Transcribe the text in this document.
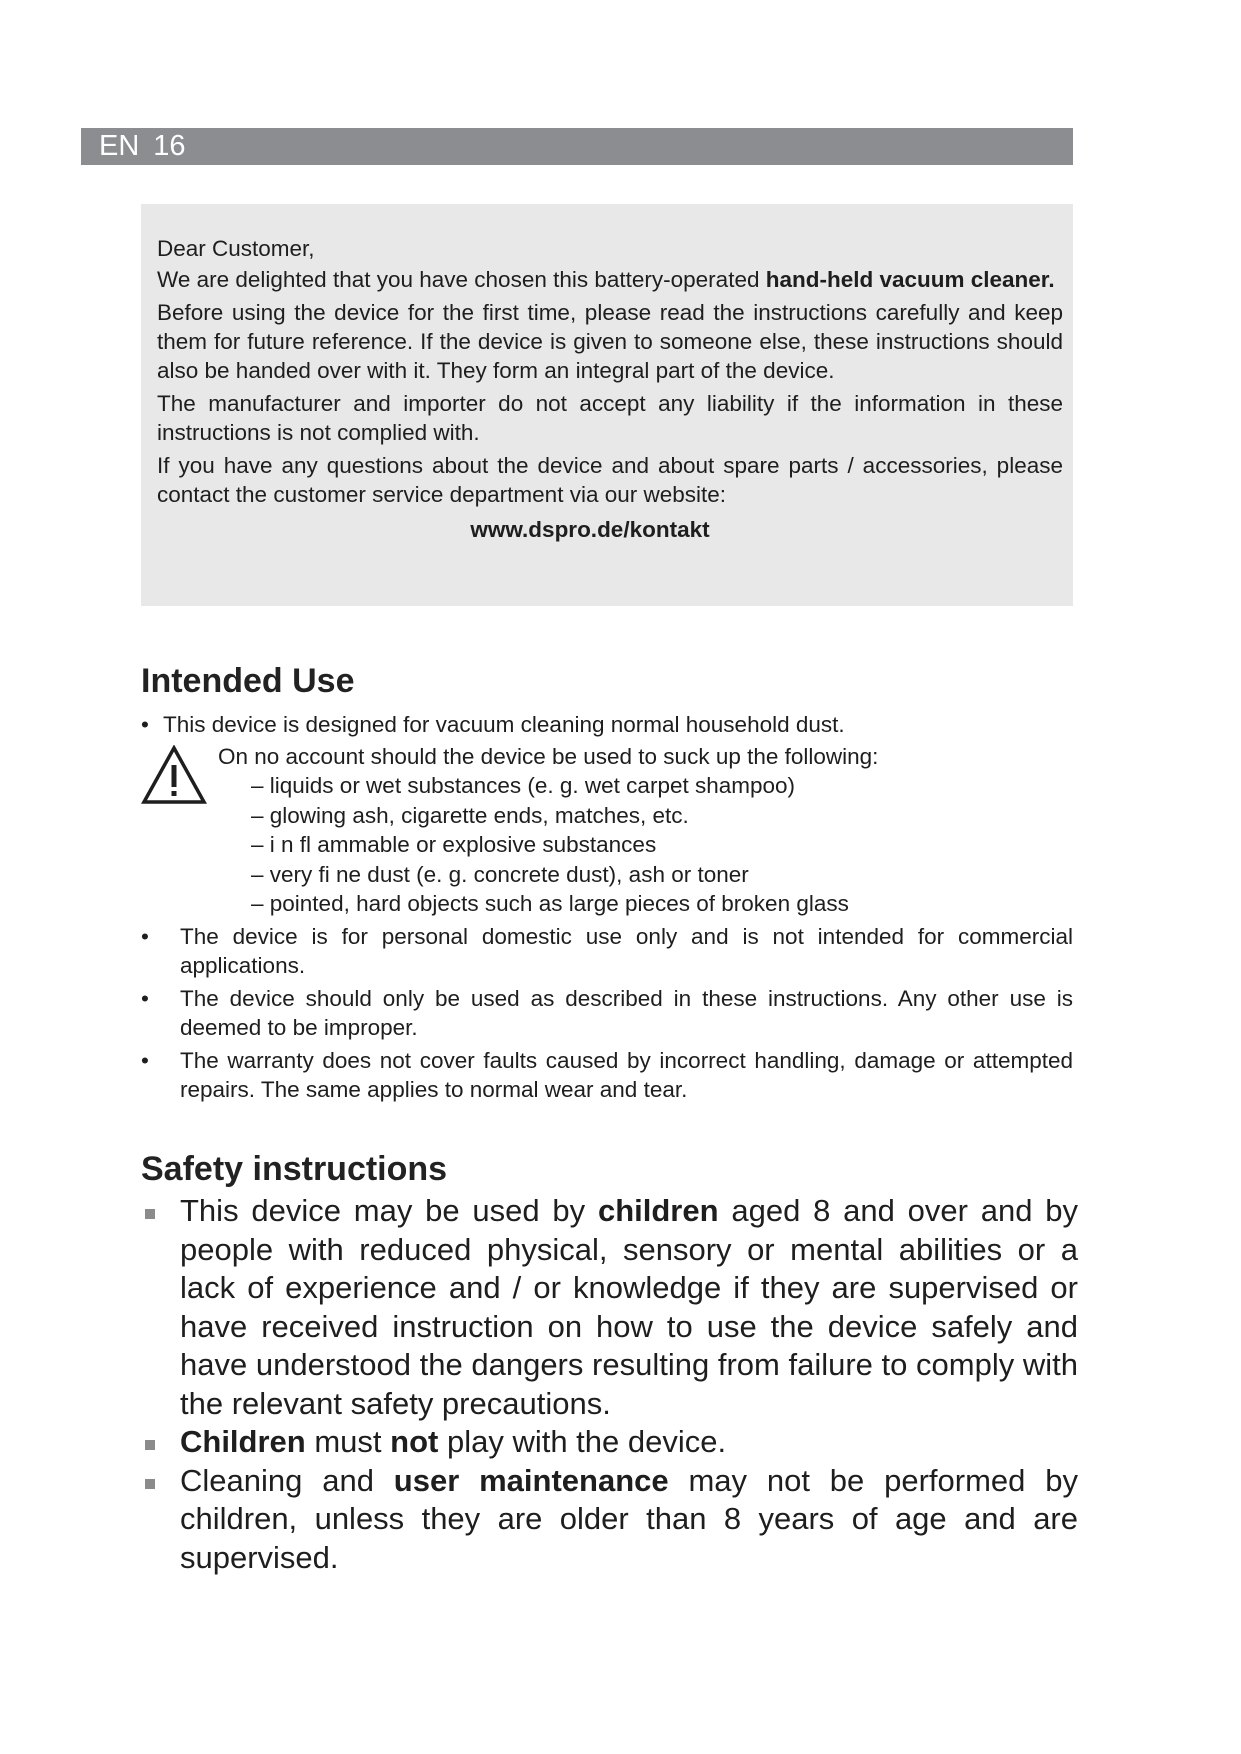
EN 16

Dear Customer,

We are delighted that you have chosen this battery-operated hand-held vacuum cleaner.

Before using the device for the first time, please read the instructions carefully and keep them for future reference. If the device is given to someone else, these instructions should also be handed over with it. They form an integral part of the device.

The manufacturer and importer do not accept any liability if the information in these instructions is not complied with.

If you have any questions about the device and about spare parts / accessories, please contact the customer service department via our website:

www.dspro.de/kontakt
Intended Use
• This device is designed for vacuum cleaning normal household dust.
On no account should the device be used to suck up the following:
– liquids or wet substances (e. g. wet carpet shampoo)
– glowing ash, cigarette ends, matches, etc.
– i n fl ammable or explosive substances
– very fi ne dust (e. g. concrete dust), ash or toner
– pointed, hard objects such as large pieces of broken glass
• The device is for personal domestic use only and is not intended for commercial applications.
• The device should only be used as described in these instructions. Any other use is deemed to be improper.
• The warranty does not cover faults caused by incorrect handling, damage or attempted repairs. The same applies to normal wear and tear.
Safety instructions
This device may be used by children aged 8 and over and by people with reduced physical, sensory or mental abilities or a lack of experience and / or knowledge if they are supervised or have received instruction on how to use the device safely and have understood the dangers resulting from failure to comply with the relevant safety precautions.
Children must not play with the device.
Cleaning and user maintenance may not be performed by children, unless they are older than 8 years of age and are supervised.
